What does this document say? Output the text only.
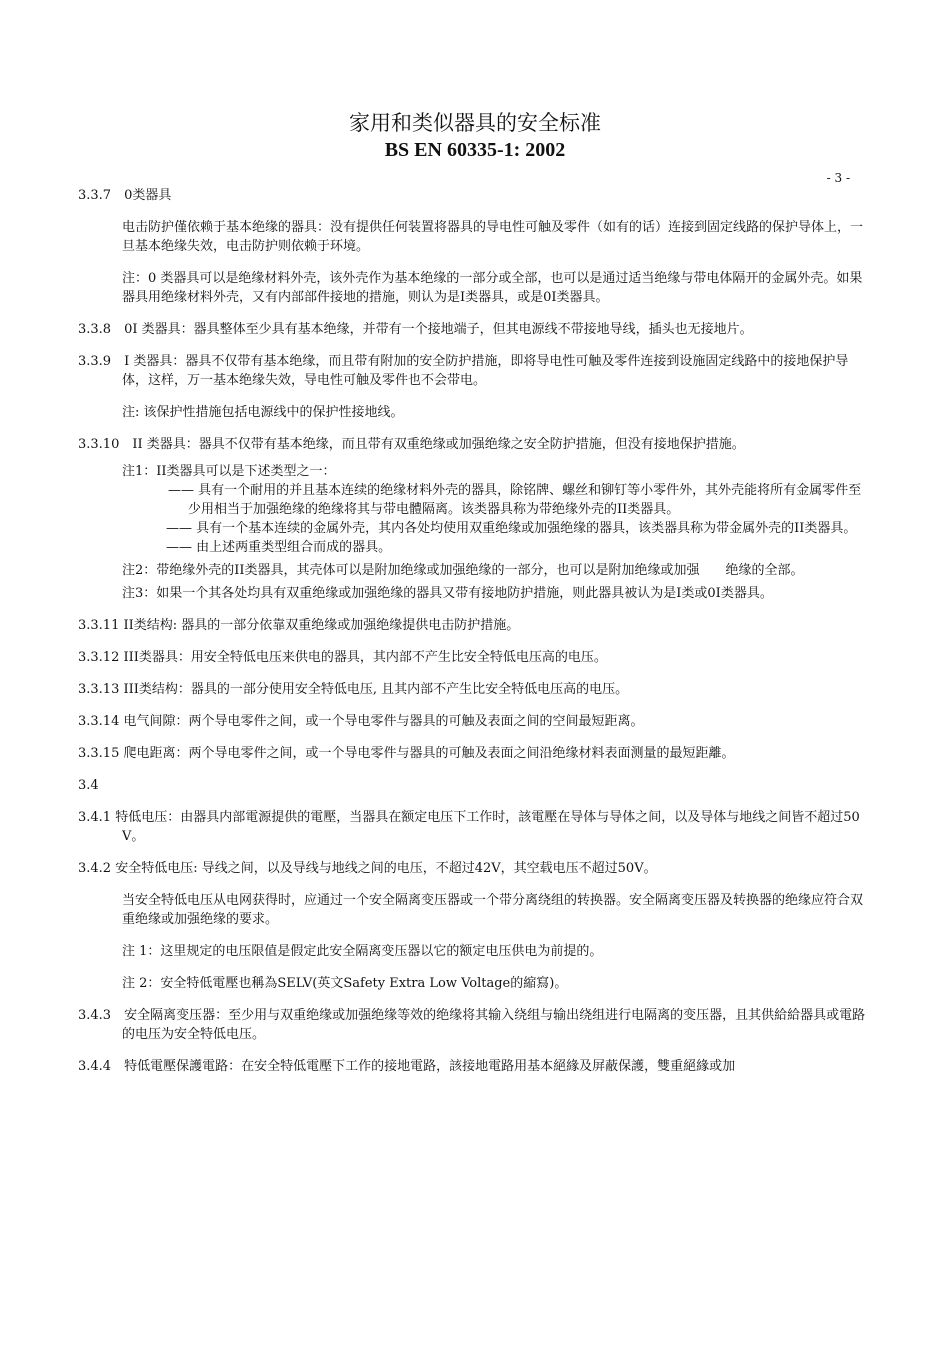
家用和类似器具的安全标准
BS EN 60335-1: 2002
- 3 -

3.3.7　0类器具

电击防护僅依赖于基本绝缘的器具：没有提供任何装置将器具的导电性可触及零件（如有的话）连接到固定线路的保护导体上，一旦基本绝缘失效，电击防护则依赖于环境。

注：0 类器具可以是绝缘材料外壳，该外壳作为基本绝缘的一部分或全部，也可以是通过适当绝缘与带电体隔开的金属外壳。如果器具用绝缘材料外壳，又有内部部件接地的措施，则认为是I类器具，或是0I类器具。

3.3.8　0I 类器具：器具整体至少具有基本绝缘，并带有一个接地端子，但其电源线不带接地导线，插头也无接地片。

3.3.9　I 类器具：器具不仅带有基本绝缘，而且带有附加的安全防护措施，即将导电性可触及零件连接到设施固定线路中的接地保护导体，这样，万一基本绝缘失效，导电性可触及零件也不会带电。

注: 该保护性措施包括电源线中的保护性接地线。

3.3.10　II 类器具：器具不仅带有基本绝缘，而且带有双重绝缘或加强绝缘之安全防护措施，但没有接地保护措施。

注1：II类器具可以是下述类型之一：

—— 具有一个耐用的并且基本连续的绝缘材料外壳的器具，除铭牌、螺丝和铆钉等小零件外，其外壳能将所有金属零件至少用相当于加强绝缘的绝缘将其与带电體隔离。该类器具称为带绝缘外壳的II类器具。

—— 具有一个基本连续的金属外壳，其内各处均使用双重绝缘或加强绝缘的器具，该类器具称为带金属外壳的II类器具。

—— 由上述两重类型组合而成的器具。

注2：带绝缘外壳的II类器具，其壳体可以是附加绝缘或加强绝缘的一部分，也可以是附加绝缘或加强　　绝缘的全部。

注3：如果一个其各处均具有双重绝缘或加强绝缘的器具又带有接地防护措施，则此器具被认为是I类或0I类器具。

3.3.11 II类结构: 器具的一部分依靠双重绝缘或加强绝缘提供电击防护措施。

3.3.12 III类器具：用安全特低电压来供电的器具，其内部不产生比安全特低电压高的电压。

3.3.13 III类结构：器具的一部分使用安全特低电压, 且其内部不产生比安全特低电压高的电压。

3.3.14 电气间隙：两个导电零件之间，或一个导电零件与器具的可触及表面之间的空间最短距离。

3.3.15 爬电距离：两个导电零件之间，或一个导电零件与器具的可触及表面之间沿绝缘材料表面测量的最短距離。

3.4

3.4.1 特低电压：由器具内部電源提供的電壓，当器具在额定电压下工作时，該電壓在导体与导体之间，以及导体与地线之间皆不超过50V。

3.4.2 安全特低电压: 导线之间，以及导线与地线之间的电压，不超过42V，其空载电压不超过50V。

当安全特低电压从电网获得时，应通过一个安全隔离变压器或一个带分离绕组的转换器。安全隔离变压器及转换器的绝缘应符合双重绝缘或加强绝缘的要求。

注 1：这里规定的电压限值是假定此安全隔离变压器以它的额定电压供电为前提的。

注 2：安全特低電壓也稱為SELV(英文Safety Extra Low Voltage的縮寫)。

3.4.3　安全隔离变压器：至少用与双重绝缘或加强绝缘等效的绝缘将其输入绕组与输出绕组进行电隔离的变压器，且其供給給器具或電路的电压为安全特低电压。

3.4.4　特低電壓保護電路：在安全特低電壓下工作的接地電路，該接地電路用基本絕緣及屏蔽保護，雙重絕緣或加
